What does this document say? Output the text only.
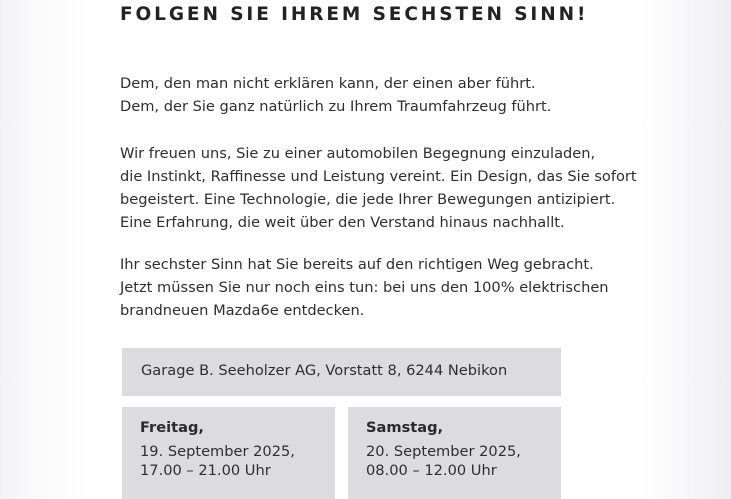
FOLGEN SIE IHREM SECHSTEN SINN!

Dem, den man nicht erklären kann, der einen aber führt.
Dem, der Sie ganz natürlich zu Ihrem Traumfahrzeug führt.

Wir freuen uns, Sie zu einer automobilen Begegnung einzuladen,
die Instinkt, Raffinesse und Leistung vereint. Ein Design, das Sie sofort
begeistert. Eine Technologie, die jede Ihrer Bewegungen antizipiert.
Eine Erfahrung, die weit über den Verstand hinaus nachhallt.

Ihr sechster Sinn hat Sie bereits auf den richtigen Weg gebracht.
Jetzt müssen Sie nur noch eins tun: bei uns den 100% elektrischen
brandneuen Mazda6e entdecken.

Garage B. Seeholzer AG, Vorstatt 8, 6244 Nebikon
Freitag,
19. September 2025,
17.00 – 21.00 Uhr
Samstag,
20. September 2025,
08.00 – 12.00 Uhr
